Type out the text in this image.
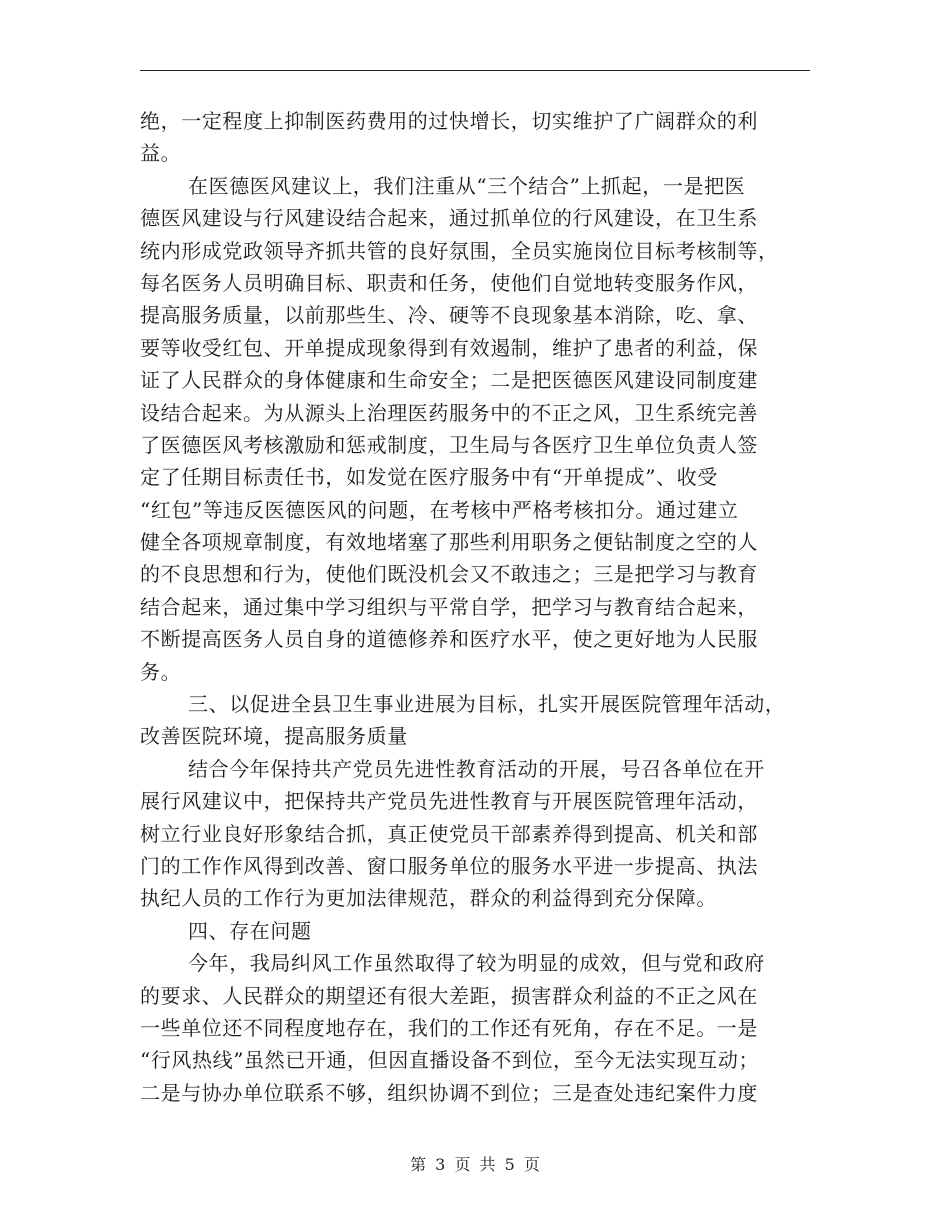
绝，一定程度上抑制医药费用的过快增长，切实维护了广阔群众的利
益。
在医德医风建议上，我们注重从“三个结合”上抓起，一是把医
德医风建设与行风建设结合起来，通过抓单位的行风建设，在卫生系
统内形成党政领导齐抓共管的良好氛围，全员实施岗位目标考核制等，
每名医务人员明确目标、职责和任务，使他们自觉地转变服务作风，
提高服务质量，以前那些生、冷、硬等不良现象基本消除，吃、拿、
要等收受红包、开单提成现象得到有效遏制，维护了患者的利益，保
证了人民群众的身体健康和生命安全；二是把医德医风建设同制度建
设结合起来。为从源头上治理医药服务中的不正之风，卫生系统完善
了医德医风考核激励和惩戒制度，卫生局与各医疗卫生单位负责人签
定了任期目标责任书，如发觉在医疗服务中有“开单提成”、收受
“红包”等违反医德医风的问题，在考核中严格考核扣分。通过建立
健全各项规章制度，有效地堵塞了那些利用职务之便钻制度之空的人
的不良思想和行为，使他们既没机会又不敢违之；三是把学习与教育
结合起来，通过集中学习组织与平常自学，把学习与教育结合起来，
不断提高医务人员自身的道德修养和医疗水平，使之更好地为人民服
务。
三、以促进全县卫生事业进展为目标，扎实开展医院管理年活动，
改善医院环境，提高服务质量
结合今年保持共产党员先进性教育活动的开展，号召各单位在开
展行风建议中，把保持共产党员先进性教育与开展医院管理年活动，
树立行业良好形象结合抓，真正使党员干部素养得到提高、机关和部
门的工作作风得到改善、窗口服务单位的服务水平进一步提高、执法
执纪人员的工作行为更加法律规范，群众的利益得到充分保障。
四、存在问题
今年，我局纠风工作虽然取得了较为明显的成效，但与党和政府
的要求、人民群众的期望还有很大差距，损害群众利益的不正之风在
一些单位还不同程度地存在，我们的工作还有死角，存在不足。一是
“行风热线”虽然已开通，但因直播设备不到位，至今无法实现互动；
二是与协办单位联系不够，组织协调不到位；三是查处违纪案件力度
第 3 页 共 5 页
